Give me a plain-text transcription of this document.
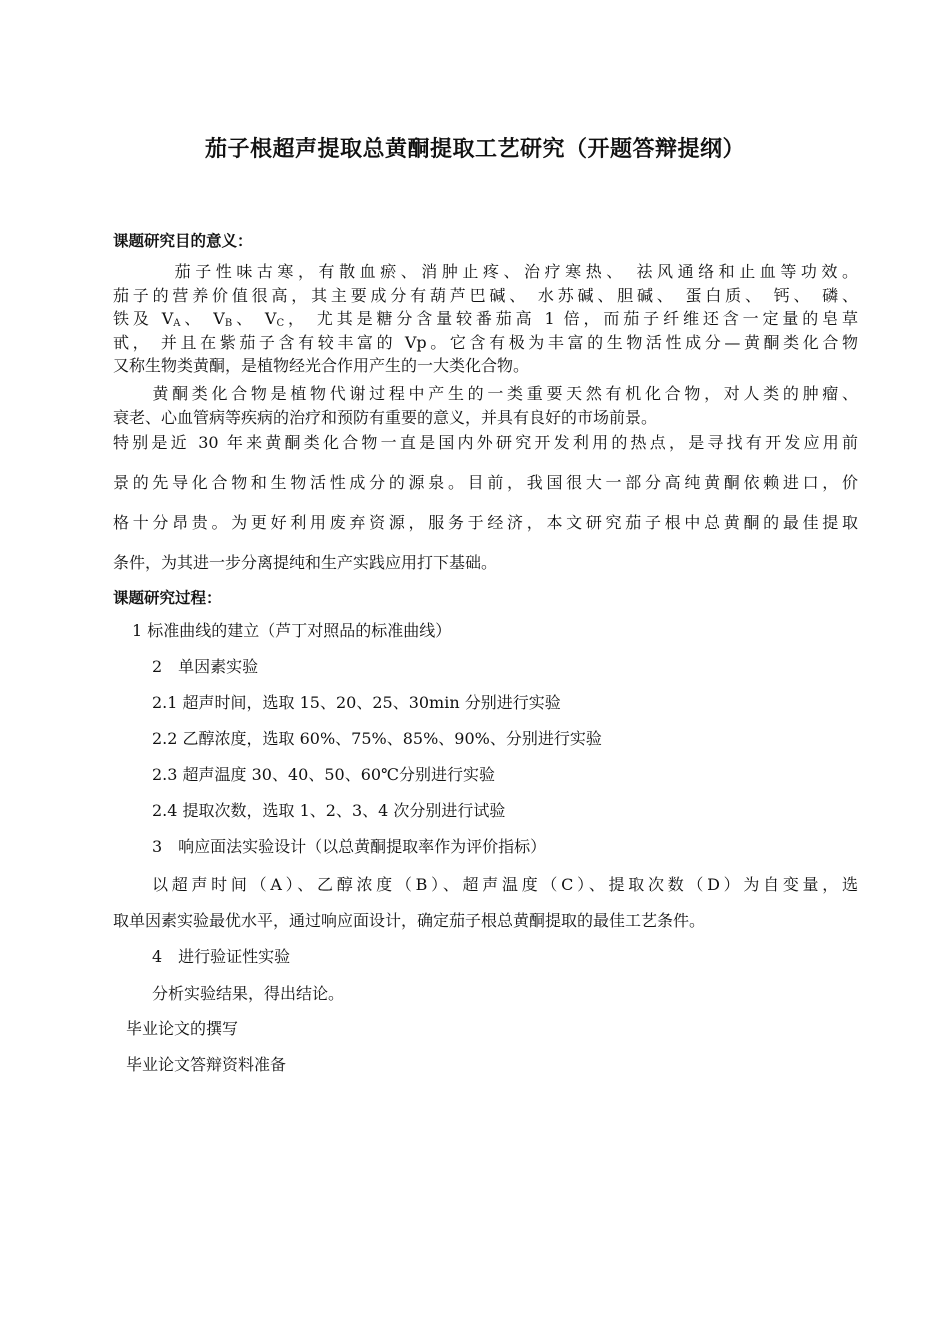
茄子根超声提取总黄酮提取工艺研究（开题答辩提纲）
课题研究目的意义：
　　　茄子性味古寒，有散血瘀、消肿止疼、治疗寒热、 祛风通络和止血等功效。
茄子的营养价值很高，其主要成分有葫芦巴碱、 水苏碱、胆碱、 蛋白质、 钙、 磷、
铁及 $V_A$、 $V_B$、 $V_C$， 尤其是糖分含量较番茄高 1 倍，而茄子纤维还含一定量的皂草
甙， 并且在紫茄子含有较丰富的 Vp。它含有极为丰富的生物活性成分—黄酮类化合物
又称生物类黄酮，是植物经光合作用产生的一大类化合物。
　　黄酮类化合物是植物代谢过程中产生的一类重要天然有机化合物，对人类的肿瘤、
衰老、心血管病等疾病的治疗和预防有重要的意义，并具有良好的市场前景。
特别是近 30 年来黄酮类化合物一直是国内外研究开发利用的热点，是寻找有开发应用前
景的先导化合物和生物活性成分的源泉。目前，我国很大一部分高纯黄酮依赖进口，价
格十分昂贵。为更好利用废弃资源，服务于经济，本文研究茄子根中总黄酮的最佳提取
条件，为其进一步分离提纯和生产实践应用打下基础。
课题研究过程：
1 标准曲线的建立（芦丁对照品的标准曲线）
2　单因素实验
2.1 超声时间，选取 15、20、25、30min 分别进行实验
2.2 乙醇浓度，选取 60%、75%、85%、90%、分别进行实验
2.3 超声温度 30、40、50、60℃分别进行实验
2.4 提取次数，选取 1、2、3、4 次分别进行试验
3　响应面法实验设计（以总黄酮提取率作为评价指标）
以超声时间（A）、乙醇浓度（B）、超声温度（C）、提取次数（D）为自变量，选
取单因素实验最优水平，通过响应面设计，确定茄子根总黄酮提取的最佳工艺条件。
4　进行验证性实验
分析实验结果，得出结论。
毕业论文的撰写
毕业论文答辩资料准备
